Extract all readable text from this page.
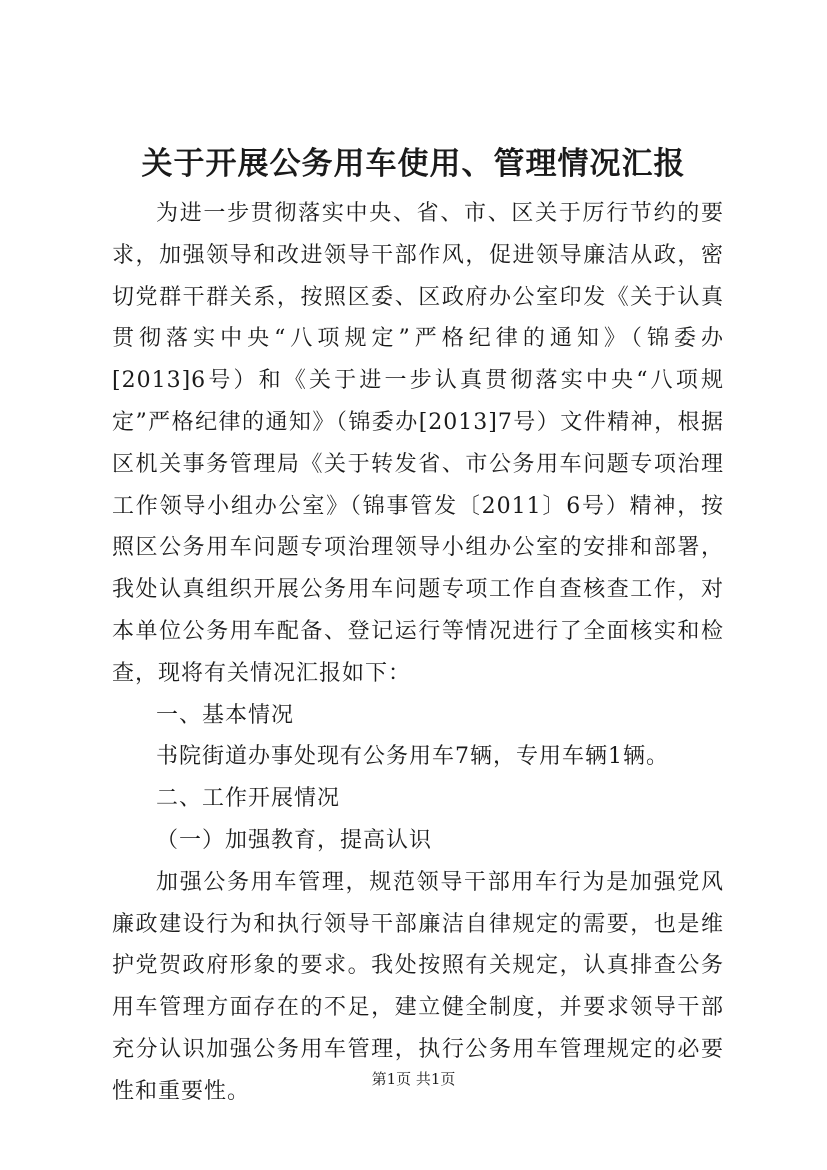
关于开展公务用车使用、管理情况汇报

为进一步贯彻落实中央、省、市、区关于厉行节约的要求，加强领导和改进领导干部作风，促进领导廉洁从政，密切党群干群关系，按照区委、区政府办公室印发《关于认真贯彻落实中央“八项规定”严格纪律的通知》（锦委办[2013]6号）和《关于进一步认真贯彻落实中央“八项规定”严格纪律的通知》（锦委办[2013]7号）文件精神，根据区机关事务管理局《关于转发省、市公务用车问题专项治理工作领导小组办公室》（锦事管发〔2011〕6号）精神，按照区公务用车问题专项治理领导小组办公室的安排和部署，我处认真组织开展公务用车问题专项工作自查核查工作，对本单位公务用车配备、登记运行等情况进行了全面核实和检查，现将有关情况汇报如下：

一、基本情况

书院街道办事处现有公务用车7辆，专用车辆1辆。

二、工作开展情况

（一）加强教育，提高认识

加强公务用车管理，规范领导干部用车行为是加强党风廉政建设行为和执行领导干部廉洁自律规定的需要，也是维护党贺政府形象的要求。我处按照有关规定，认真排查公务用车管理方面存在的不足，建立健全制度，并要求领导干部充分认识加强公务用车管理，执行公务用车管理规定的必要性和重要性。	第1页 共1页
